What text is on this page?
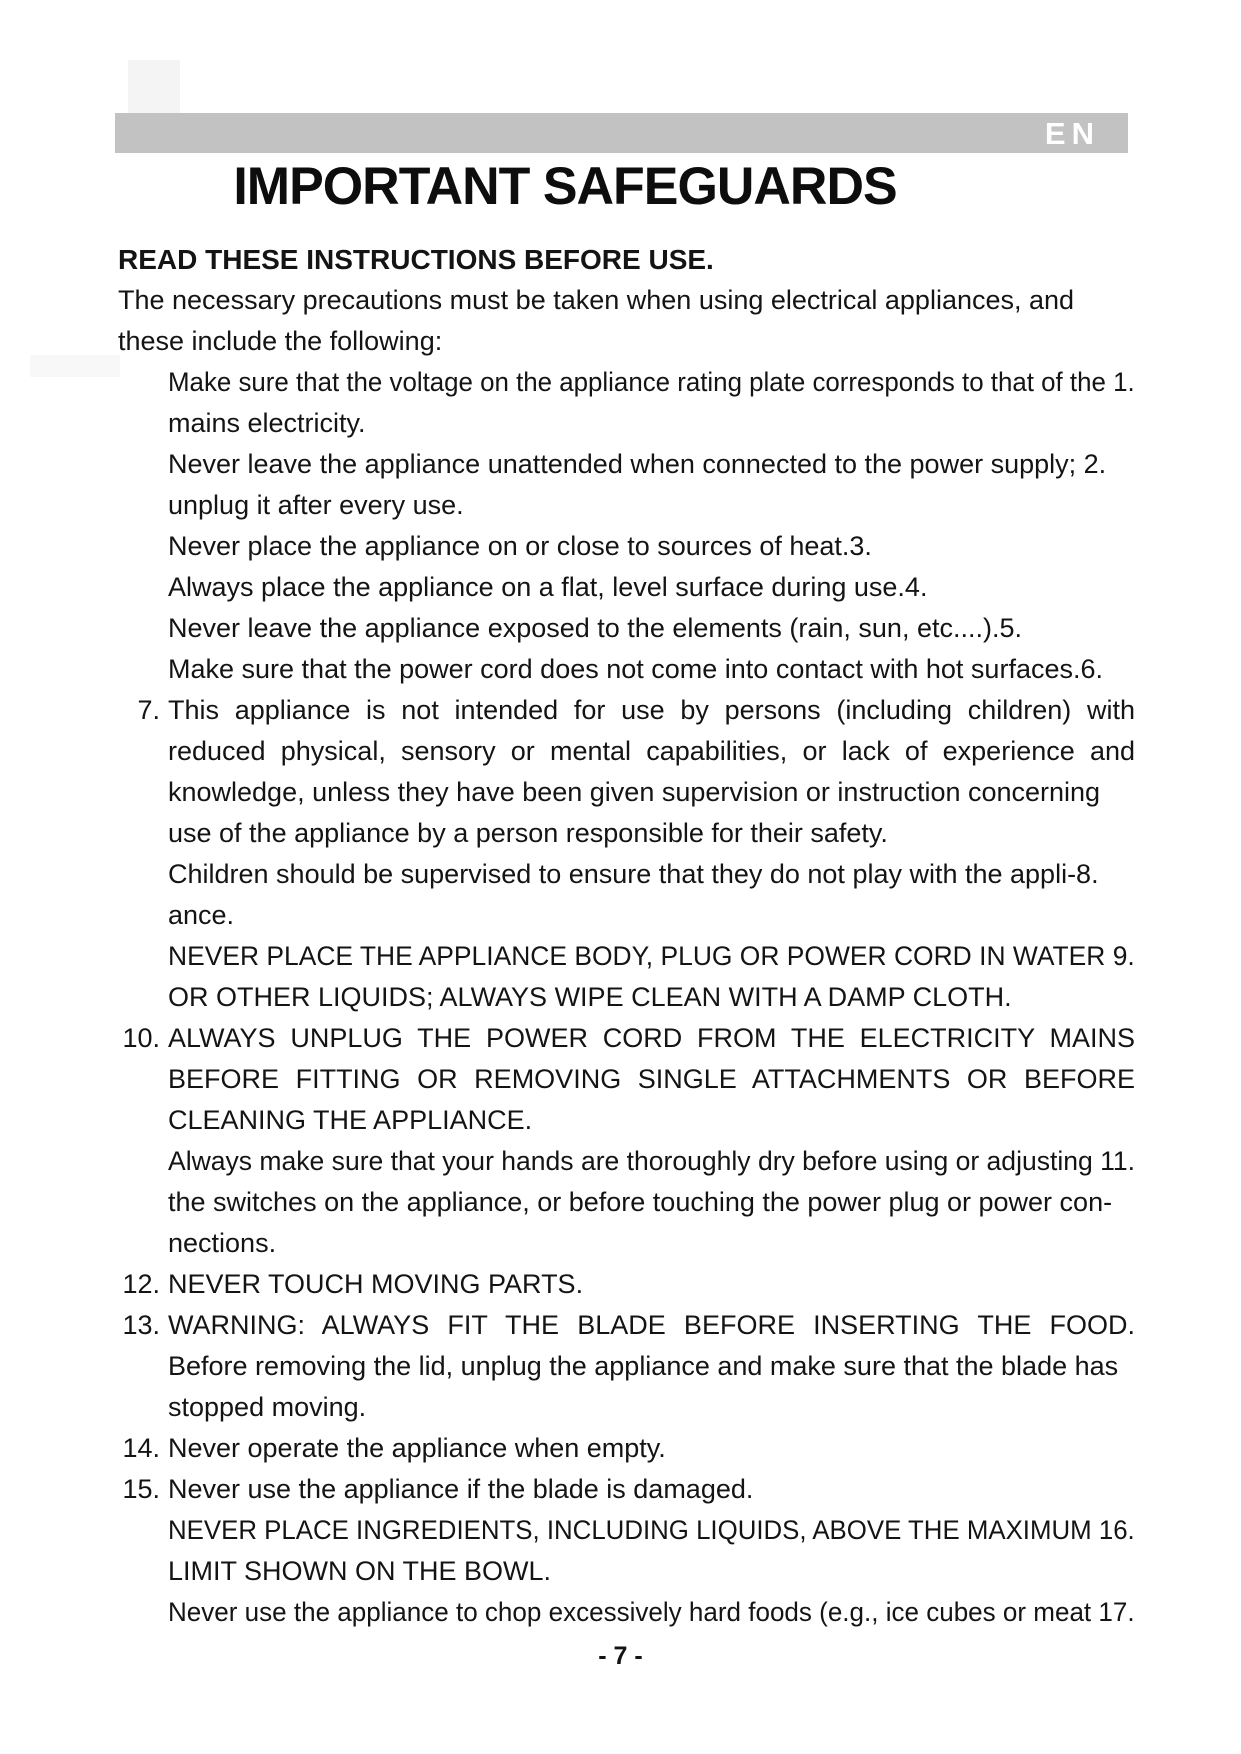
EN
IMPORTANT SAFEGUARDS
READ THESE INSTRUCTIONS BEFORE USE.
The necessary precautions must be taken when using electrical appliances, and
these include the following:
Make sure that the voltage on the appliance rating plate corresponds to that of the 1.
mains electricity.
Never leave the appliance unattended when connected to the power supply; 2.
unplug it after every use.
Never place the appliance on or close to sources of heat.3.
Always place the appliance on a flat, level surface during use.4.
Never leave the appliance exposed to the elements (rain, sun, etc....).5.
Make sure that the power cord does not come into contact with hot surfaces.6.
7. This appliance is not intended for use by persons (including children) with
reduced physical, sensory or mental capabilities, or lack of experience and
knowledge, unless they have been given supervision or instruction concerning
use of the appliance by a person responsible for their safety.
Children should be supervised to ensure that they do not play with the appli-8.
ance.
NEVER PLACE THE APPLIANCE BODY, PLUG OR POWER CORD IN WATER 9.
OR OTHER LIQUIDS; ALWAYS WIPE CLEAN WITH A DAMP CLOTH.
10. ALWAYS UNPLUG THE POWER CORD FROM THE ELECTRICITY MAINS
BEFORE FITTING OR REMOVING SINGLE ATTACHMENTS OR BEFORE
CLEANING THE APPLIANCE.
Always make sure that your hands are thoroughly dry before using or adjusting 11.
the switches on the appliance, or before touching the power plug or power con-
nections.
12. NEVER TOUCH MOVING PARTS.
13. WARNING: ALWAYS FIT THE BLADE BEFORE INSERTING THE FOOD.
Before removing the lid, unplug the appliance and make sure that the blade has
stopped moving.
14. Never operate the appliance when empty.
15. Never use the appliance if the blade is damaged.
NEVER PLACE INGREDIENTS, INCLUDING LIQUIDS, ABOVE THE MAXIMUM 16.
LIMIT SHOWN ON THE BOWL.
Never use the appliance to chop excessively hard foods (e.g., ice cubes or meat 17.
- 7 -
